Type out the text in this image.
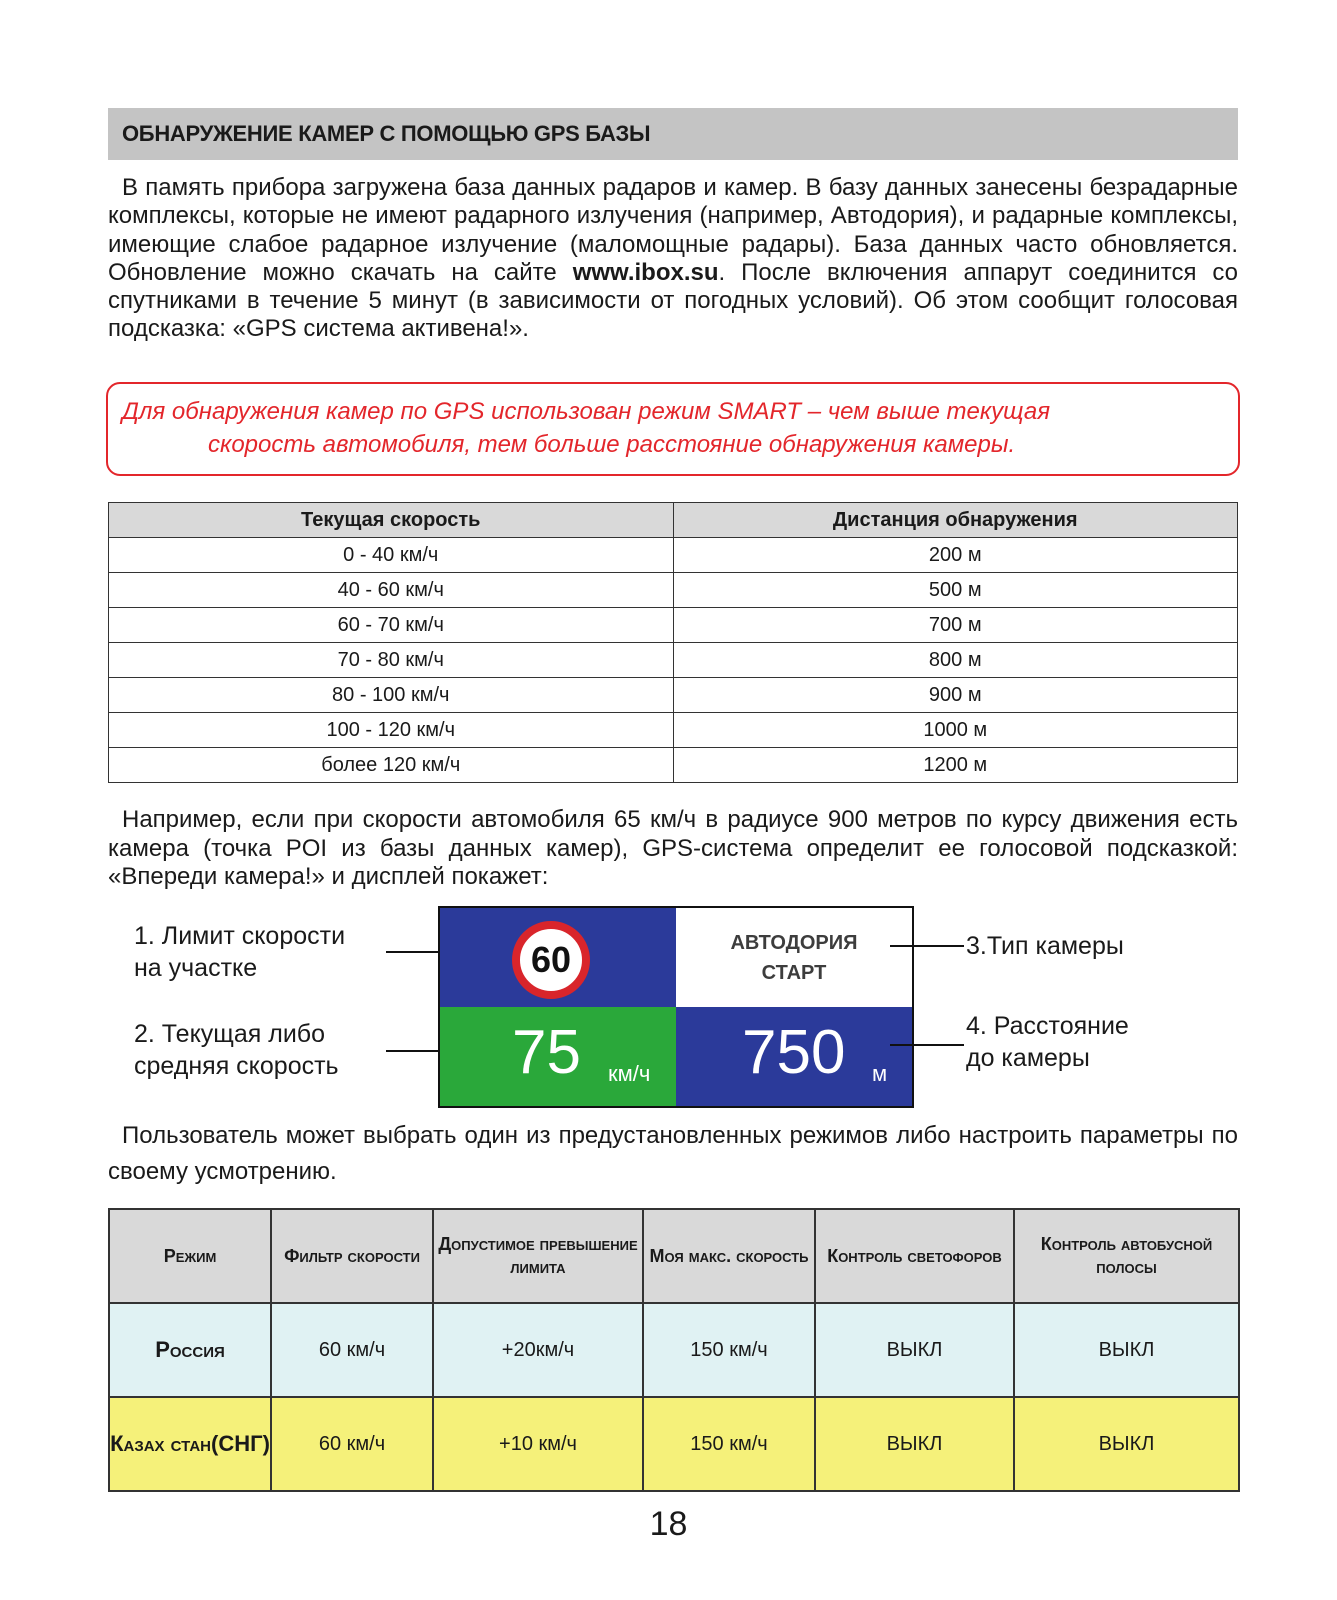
ОБНАРУЖЕНИЕ КАМЕР С ПОМОЩЬЮ GPS БАЗЫ

В память прибора загружена база данных радаров и камер. В базу данных занесены безрадарные комплексы, которые не имеют радарного излучения (например, Автодория), и радарные комплексы, имеющие слабое радарное излучение (маломощные радары). База данных часто обновляется. Обновление можно скачать на сайте www.ibox.su. После включения аппарут соединится со спутниками в течение 5 минут (в зависимости от погодных условий). Об этом сообщит голосовая подсказка: «GPS система активена!».

Для обнаружения камер по GPS использован режим SMART – чем выше текущая
скорость автомобиля, тем больше расстояние обнаружения камеры.
Текущая скорость	Дистанция обнаружения
0 - 40 км/ч	200 м
40 - 60 км/ч	500 м
60 - 70 км/ч	700 м
70 - 80 км/ч	800 м
80 - 100 км/ч	900 м
100 - 120 км/ч	1000 м
более 120 км/ч	1200 м

Например, если при скорости автомобиля 65 км/ч в радиусе 900 метров по курсу движения есть камера (точка POI из базы данных камер), GPS-система определит ее голосовой подсказкой: «Впереди камера!» и дисплей покажет:

1. Лимит скорости
на участке
2. Текущая либо
средняя скорость
60	АВТОДОРИЯ
СТАРТ
75 км/ч 750 м
3.Тип камеры
4. Расстояние
до камеры

Пользователь может выбрать один из предустановленных режимов либо настроить параметры по своему усмотрению.

Режим	Фильтр скорости	Допустимое превышение лимита	Моя макс. скорость	Контроль светофоров	Контроль автобусной полосы
Россия	60 км/ч	+20км/ч	150 км/ч	ВЫКЛ	ВЫКЛ
Казах стан(СНГ)	60 км/ч	+10 км/ч	150 км/ч	ВЫКЛ	ВЫКЛ
18
